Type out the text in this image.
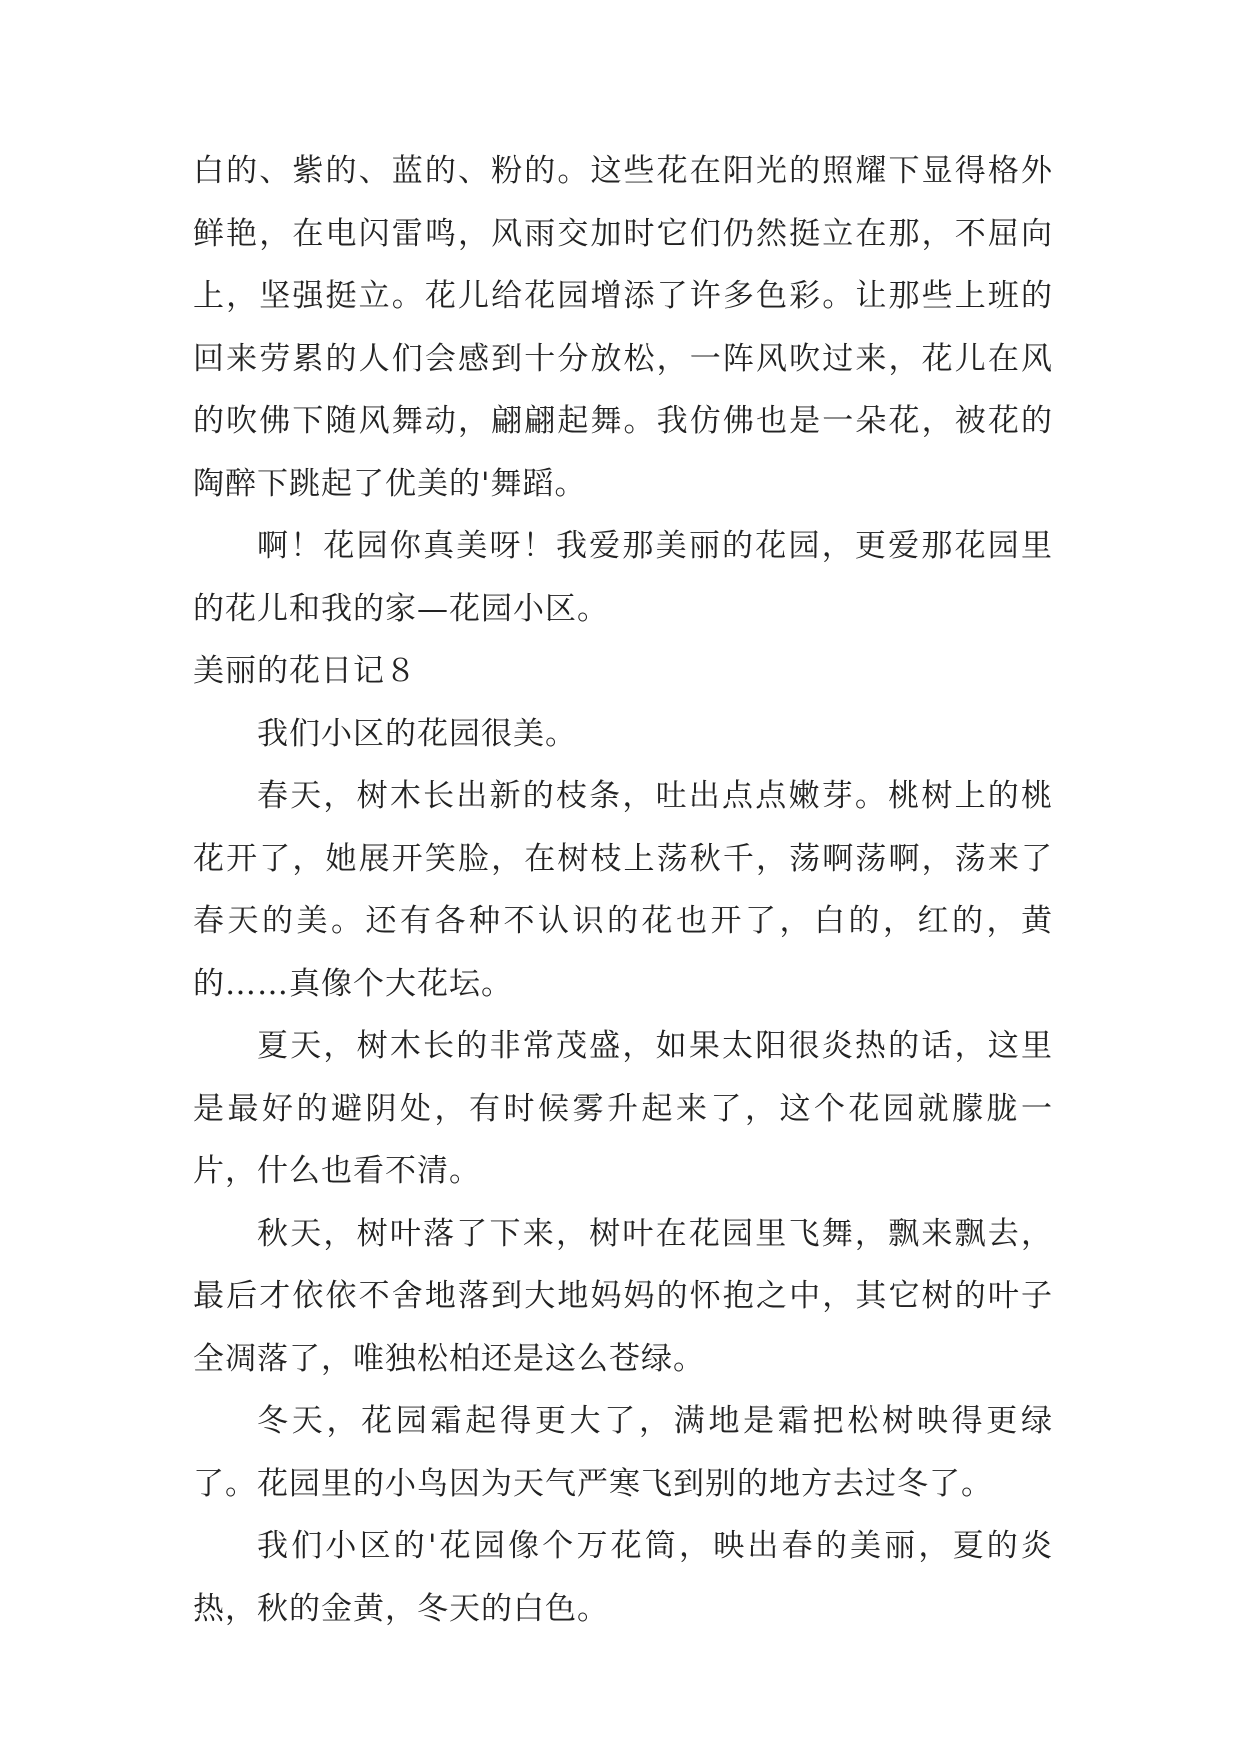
白的、紫的、蓝的、粉的。这些花在阳光的照耀下显得格外鲜艳，在电闪雷鸣，风雨交加时它们仍然挺立在那，不屈向上，坚强挺立。花儿给花园增添了许多色彩。让那些上班的回来劳累的人们会感到十分放松，一阵风吹过来，花儿在风的吹佛下随风舞动，翩翩起舞。我仿佛也是一朵花，被花的陶醉下跳起了优美的'舞蹈。

啊！花园你真美呀！我爱那美丽的花园，更爱那花园里的花儿和我的家—花园小区。

美丽的花日记８

我们小区的花园很美。

春天，树木长出新的枝条，吐出点点嫩芽。桃树上的桃花开了，她展开笑脸，在树枝上荡秋千，荡啊荡啊，荡来了春天的美。还有各种不认识的花也开了，白的，红的，黄的……真像个大花坛。

夏天，树木长的非常茂盛，如果太阳很炎热的话，这里是最好的避阴处，有时候雾升起来了，这个花园就朦胧一片，什么也看不清。

秋天，树叶落了下来，树叶在花园里飞舞，飘来飘去，最后才依依不舍地落到大地妈妈的怀抱之中，其它树的叶子全凋落了，唯独松柏还是这么苍绿。

冬天，花园霜起得更大了，满地是霜把松树映得更绿了。花园里的小鸟因为天气严寒飞到别的地方去过冬了。

我们小区的'花园像个万花筒，映出春的美丽，夏的炎热，秋的金黄，冬天的白色。
